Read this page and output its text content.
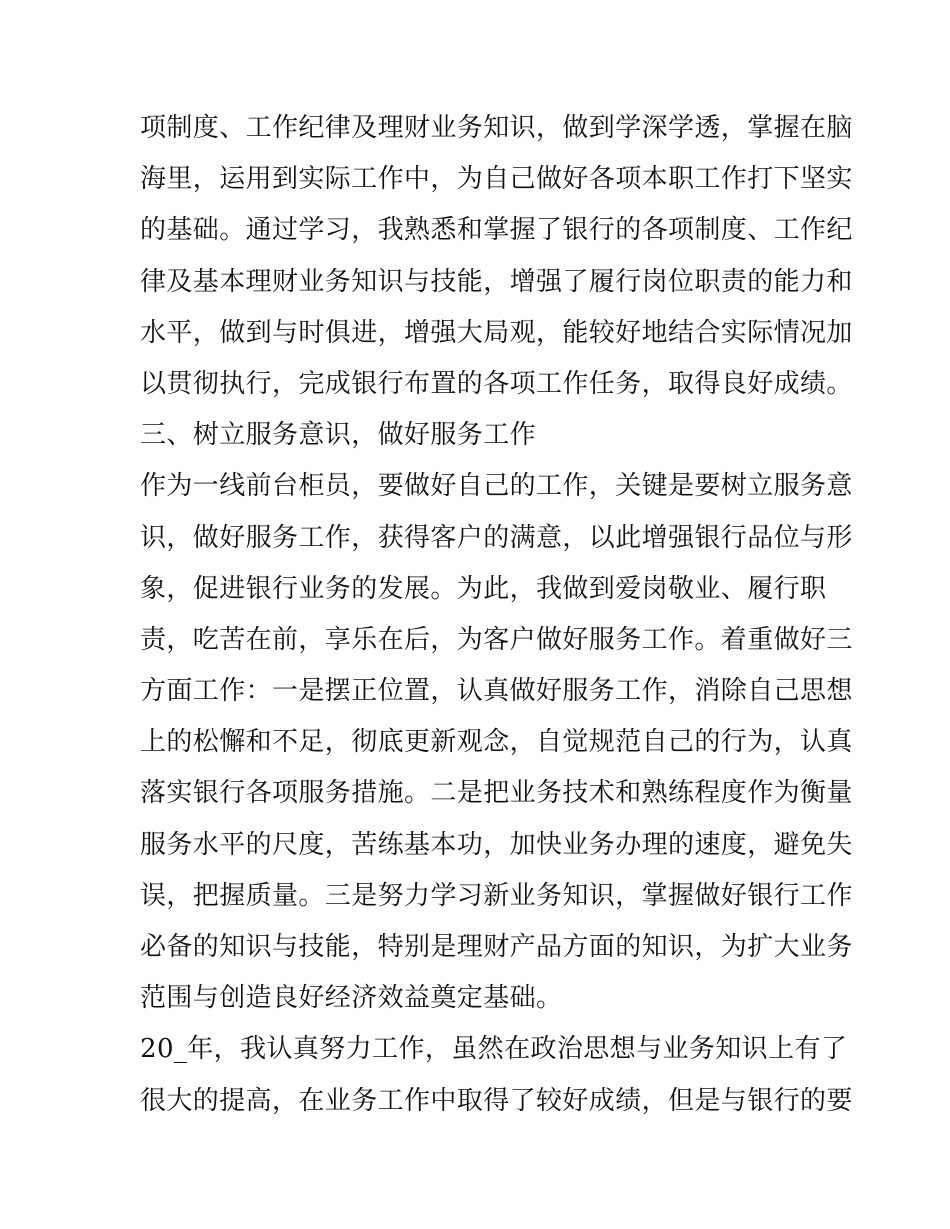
项制度、工作纪律及理财业务知识，做到学深学透，掌握在脑
海里，运用到实际工作中，为自己做好各项本职工作打下坚实
的基础。通过学习，我熟悉和掌握了银行的各项制度、工作纪
律及基本理财业务知识与技能，增强了履行岗位职责的能力和
水平，做到与时俱进，增强大局观，能较好地结合实际情况加
以贯彻执行，完成银行布置的各项工作任务，取得良好成绩。
三、树立服务意识，做好服务工作
作为一线前台柜员，要做好自己的工作，关键是要树立服务意
识，做好服务工作，获得客户的满意，以此增强银行品位与形
象，促进银行业务的发展。为此，我做到爱岗敬业、履行职
责，吃苦在前，享乐在后，为客户做好服务工作。着重做好三
方面工作：一是摆正位置，认真做好服务工作，消除自己思想
上的松懈和不足，彻底更新观念，自觉规范自己的行为，认真
落实银行各项服务措施。二是把业务技术和熟练程度作为衡量
服务水平的尺度，苦练基本功，加快业务办理的速度，避免失
误，把握质量。三是努力学习新业务知识，掌握做好银行工作
必备的知识与技能，特别是理财产品方面的知识，为扩大业务
范围与创造良好经济效益奠定基础。
20_年，我认真努力工作，虽然在政治思想与业务知识上有了
很大的提高，在业务工作中取得了较好成绩，但是与银行的要
